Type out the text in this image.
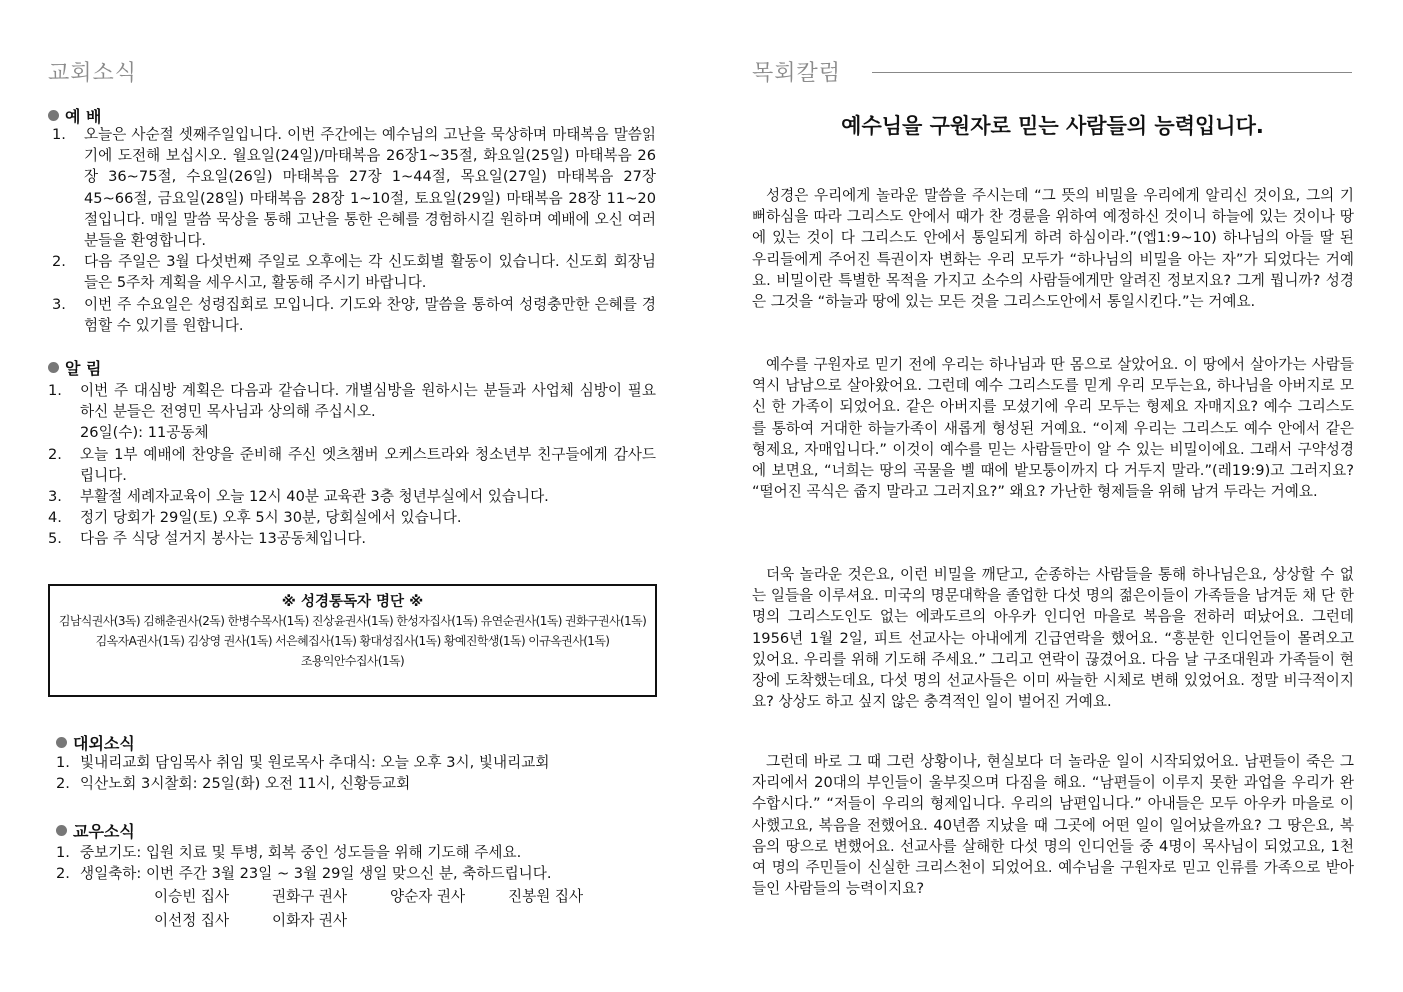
교회소식
예 배
1.	오늘은 사순절 셋째주일입니다. 이번 주간에는 예수님의 고난을 묵상하며 마태복음 말씀읽기에 도전해 보십시오. 월요일(24일)/마태복음 26장1~35절, 화요일(25일) 마태복음 26장 36~75절, 수요일(26일) 마태복음 27장 1~44절, 목요일(27일) 마태복음 27장 45~66절, 금요일(28일) 마태복음 28장 1~10절, 토요일(29일) 마태복음 28장 11~20절입니다. 매일 말씀 묵상을 통해 고난을 통한 은혜를 경험하시길 원하며 예배에 오신 여러분들을 환영합니다.
2.	다음 주일은 3월 다섯번째 주일로 오후에는 각 신도회별 활동이 있습니다. 신도회 회장님들은 5주차 계획을 세우시고, 활동해 주시기 바랍니다.
3.	이번 주 수요일은 성령집회로 모입니다. 기도와 찬양, 말씀을 통하여 성령충만한 은혜를 경험할 수 있기를 원합니다.
알 림
1.	이번 주 대심방 계획은 다음과 같습니다. 개별심방을 원하시는 분들과 사업체 심방이 필요하신 분들은 전영민 목사님과 상의해 주십시오.
26일(수): 11공동체
2.	오늘 1부 예배에 찬양을 준비해 주신 엣츠챔버 오케스트라와 청소년부 친구들에게 감사드립니다.
3.	부활절 세례자교육이 오늘 12시 40분 교육관 3층 청년부실에서 있습니다.
4.	정기 당회가 29일(토) 오후 5시 30분, 당회실에서 있습니다.
5.	다음 주 식당 설거지 봉사는 13공동체입니다.
※ 성경통독자 명단 ※
김남식권사(3독) 김해춘권사(2독) 한병수목사(1독) 진상윤권사(1독) 한성자집사(1독) 유연순권사(1독) 권화구권사(1독)
김옥자A권사(1독) 김상영 권사(1독) 서은혜집사(1독) 황대성집사(1독) 황예진학생(1독) 이규옥권사(1독)
조용익안수집사(1독)
대외소식
1. 빛내리교회 담임목사 취임 및 원로목사 추대식: 오늘 오후 3시, 빛내리교회
2. 익산노회 3시찰회: 25일(화) 오전 11시, 신황등교회
교우소식
1. 중보기도: 입원 치료 및 투병, 회복 중인 성도들을 위해 기도해 주세요.
2. 생일축하: 이번 주간 3월 23일 ~ 3월 29일 생일 맞으신 분, 축하드립니다.
이승빈 집사	권화구 권사	양순자 권사	진봉원 집사
이선정 집사	이화자 권사
목회칼럼
예수님을 구원자로 믿는 사람들의 능력입니다.

성경은 우리에게 놀라운 말씀을 주시는데 “그 뜻의 비밀을 우리에게 알리신 것이요, 그의 기뻐하심을 따라 그리스도 안에서 때가 찬 경륜을 위하여 예정하신 것이니 하늘에 있는 것이나 땅에 있는 것이 다 그리스도 안에서 통일되게 하려 하심이라.”(엡1:9~10) 하나님의 아들 딸 된 우리들에게 주어진 특권이자 변화는 우리 모두가 “하나님의 비밀을 아는 자”가 되었다는 거예요. 비밀이란 특별한 목적을 가지고 소수의 사람들에게만 알려진 정보지요? 그게 뭡니까? 성경은 그것을 “하늘과 땅에 있는 모든 것을 그리스도안에서 통일시킨다.”는 거예요.

예수를 구원자로 믿기 전에 우리는 하나님과 딴 몸으로 살았어요. 이 땅에서 살아가는 사람들 역시 남남으로 살아왔어요. 그런데 예수 그리스도를 믿게 우리 모두는요, 하나님을 아버지로 모신 한 가족이 되었어요. 같은 아버지를 모셨기에 우리 모두는 형제요 자매지요? 예수 그리스도를 통하여 거대한 하늘가족이 새롭게 형성된 거예요. “이제 우리는 그리스도 예수 안에서 같은 형제요, 자매입니다.” 이것이 예수를 믿는 사람들만이 알 수 있는 비밀이에요. 그래서 구약성경에 보면요, “너희는 땅의 곡물을 벨 때에 밭모퉁이까지 다 거두지 말라.”(레19:9)고 그러지요? “떨어진 곡식은 줍지 말라고 그러지요?” 왜요? 가난한 형제들을 위해 남겨 두라는 거예요.

더욱 놀라운 것은요, 이런 비밀을 깨닫고, 순종하는 사람들을 통해 하나님은요, 상상할 수 없는 일들을 이루셔요. 미국의 명문대학을 졸업한 다섯 명의 젊은이들이 가족들을 남겨둔 채 단 한 명의 그리스도인도 없는 에콰도르의 아우카 인디언 마을로 복음을 전하러 떠났어요. 그런데 1956년 1월 2일, 피트 선교사는 아내에게 긴급연락을 했어요. “흥분한 인디언들이 몰려오고 있어요. 우리를 위해 기도해 주세요.” 그리고 연락이 끊겼어요. 다음 날 구조대원과 가족들이 현장에 도착했는데요, 다섯 명의 선교사들은 이미 싸늘한 시체로 변해 있었어요. 정말 비극적이지요? 상상도 하고 싶지 않은 충격적인 일이 벌어진 거예요.

그런데 바로 그 때 그런 상황이나, 현실보다 더 놀라운 일이 시작되었어요. 남편들이 죽은 그 자리에서 20대의 부인들이 울부짖으며 다짐을 해요. “남편들이 이루지 못한 과업을 우리가 완수합시다.” “저들이 우리의 형제입니다. 우리의 남편입니다.” 아내들은 모두 아우카 마을로 이사했고요, 복음을 전했어요. 40년쯤 지났을 때 그곳에 어떤 일이 일어났을까요? 그 땅은요, 복음의 땅으로 변했어요. 선교사를 살해한 다섯 명의 인디언들 중 4명이 목사님이 되었고요, 1천여 명의 주민들이 신실한 크리스천이 되었어요. 예수님을 구원자로 믿고 인류를 가족으로 받아들인 사람들의 능력이지요?
